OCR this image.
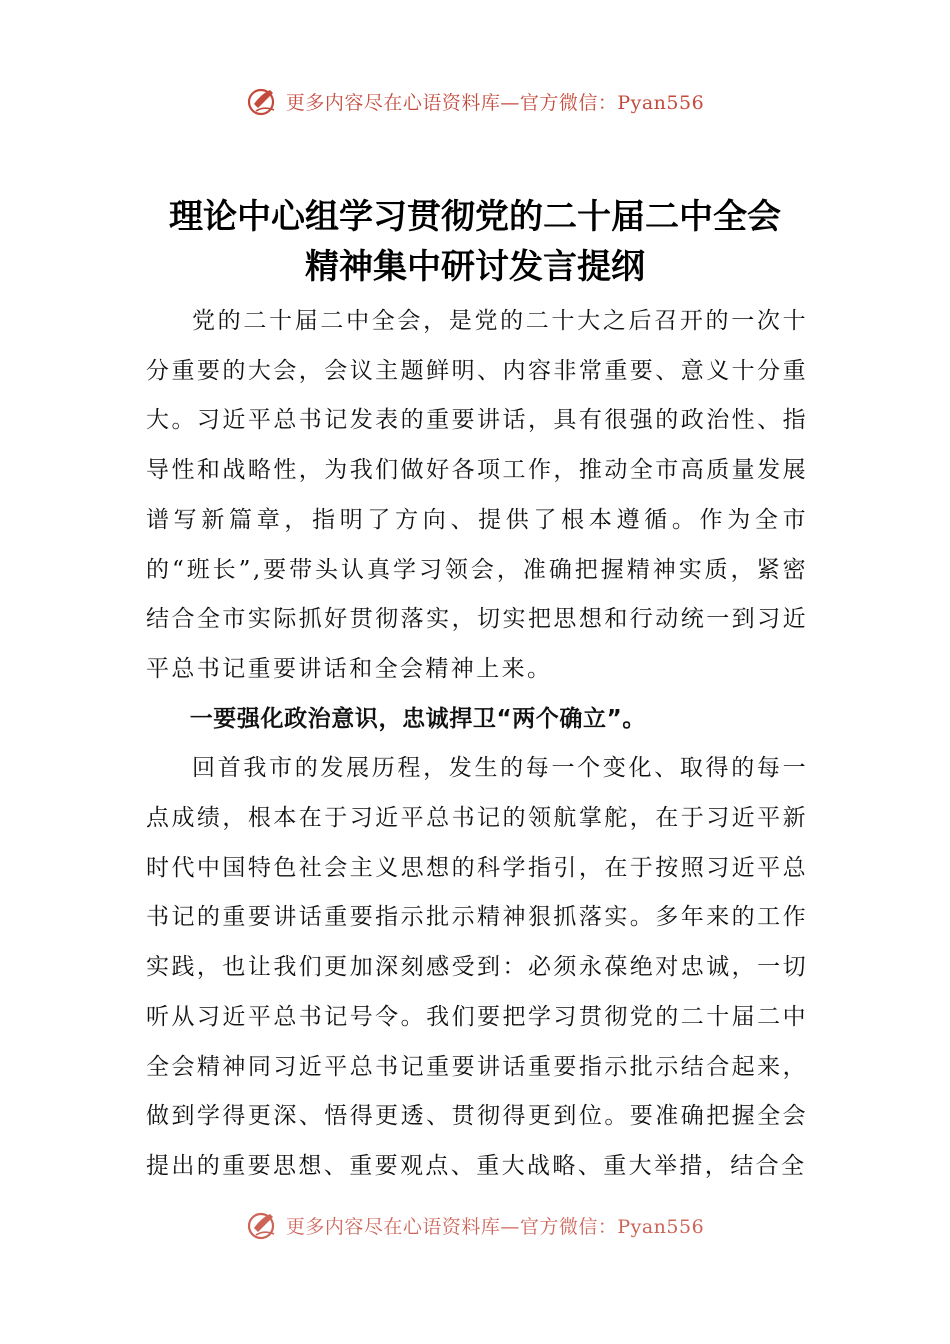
更多内容尽在心语资料库—官方微信：Pyan556
理论中心组学习贯彻党的二十届二中全会
精神集中研讨发言提纲

党的二十届二中全会，是党的二十大之后召开的一次十分重要的大会，会议主题鲜明、内容非常重要、意义十分重大。习近平总书记发表的重要讲话，具有很强的政治性、指导性和战略性，为我们做好各项工作，推动全市高质量发展谱写新篇章，指明了方向、提供了根本遵循。作为全市的“班长”,要带头认真学习领会，准确把握精神实质，紧密结合全市实际抓好贯彻落实，切实把思想和行动统一到习近平总书记重要讲话和全会精神上来。

一要强化政治意识，忠诚捍卫“两个确立”。

回首我市的发展历程，发生的每一个变化、取得的每一点成绩，根本在于习近平总书记的领航掌舵，在于习近平新时代中国特色社会主义思想的科学指引，在于按照习近平总书记的重要讲话重要指示批示精神狠抓落实。多年来的工作实践，也让我们更加深刻感受到：必须永葆绝对忠诚，一切听从习近平总书记号令。我们要把学习贯彻党的二十届二中全会精神同习近平总书记重要讲话重要指示批示结合起来，做到学得更深、悟得更透、贯彻得更到位。要准确把握全会提出的重要思想、重要观点、重大战略、重大举措，结合全

更多内容尽在心语资料库—官方微信：Pyan556
